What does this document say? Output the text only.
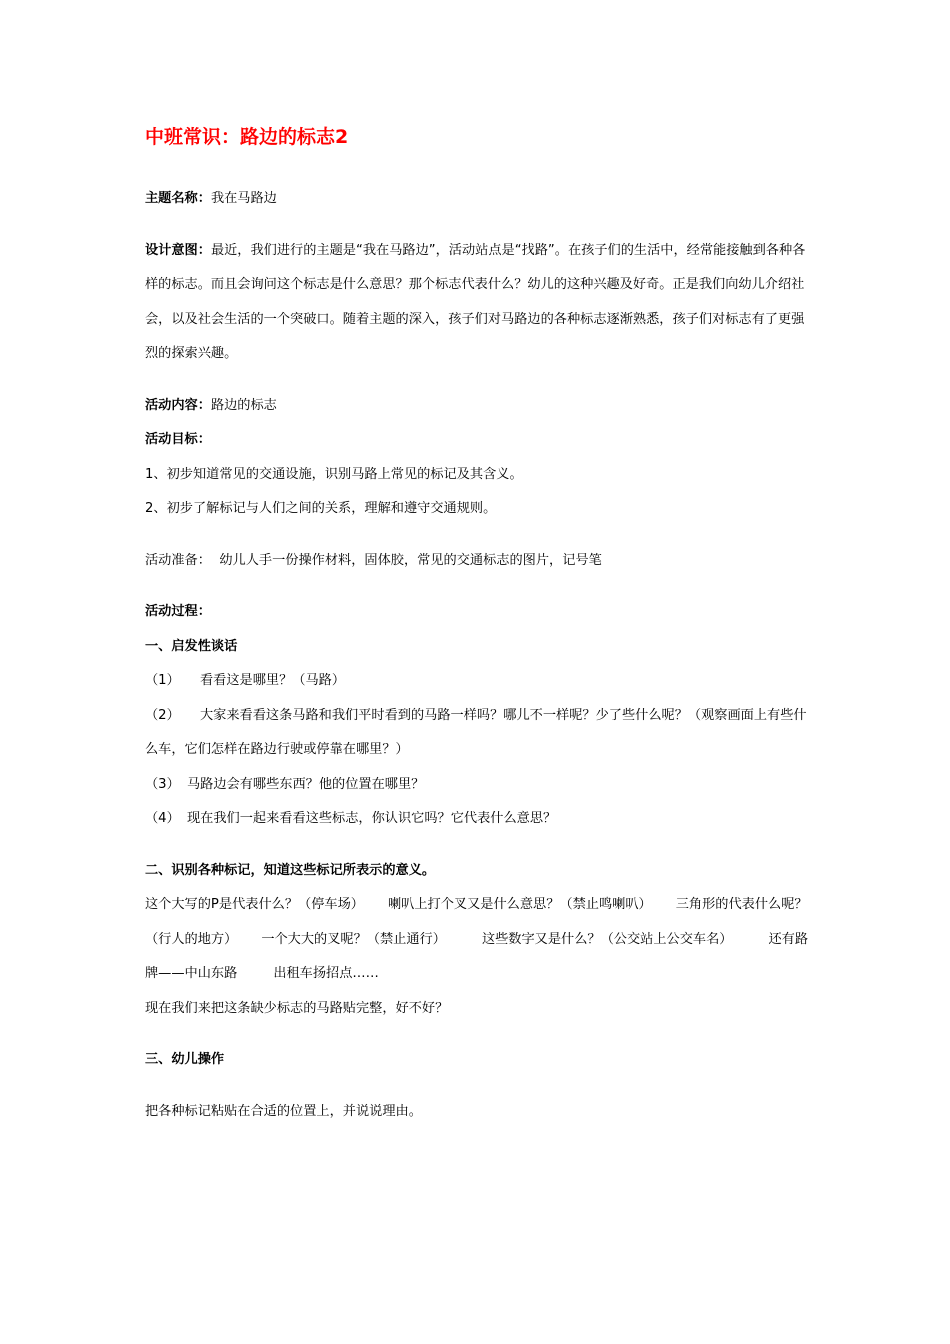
中班常识：路边的标志2

主题名称：我在马路边

设计意图：最近，我们进行的主题是“我在马路边”，活动站点是“找路”。在孩子们的生活中，经常能接触到各种各样的标志。而且会询问这个标志是什么意思？那个标志代表什么？幼儿的这种兴趣及好奇。正是我们向幼儿介绍社会，以及社会生活的一个突破口。随着主题的深入，孩子们对马路边的各种标志逐渐熟悉，孩子们对标志有了更强烈的探索兴趣。

活动内容：路边的标志

活动目标：

1、初步知道常见的交通设施，识别马路上常见的标记及其含义。

2、初步了解标记与人们之间的关系，理解和遵守交通规则。

活动准备： 幼儿人手一份操作材料，固体胶，常见的交通标志的图片，记号笔

活动过程：

一、启发性谈话

（1） 看看这是哪里？（马路）

（2） 大家来看看这条马路和我们平时看到的马路一样吗？哪儿不一样呢？少了些什么呢？（观察画面上有些什么车，它们怎样在路边行驶或停靠在哪里？）

（3） 马路边会有哪些东西？他的位置在哪里？

（4） 现在我们一起来看看这些标志，你认识它吗？它代表什么意思？

二、识别各种标记，知道这些标记所表示的意义。

这个大写的P是代表什么？（停车场） 喇叭上打个叉又是什么意思？（禁止鸣喇叭） 三角形的代表什么呢？（行人的地方） 一个大大的叉呢？（禁止通行）	这些数字又是什么？（公交站上公交车名）	还有路牌——中山东路	出租车扬招点……

现在我们来把这条缺少标志的马路贴完整，好不好？

三、幼儿操作

把各种标记粘贴在合适的位置上，并说说理由。
